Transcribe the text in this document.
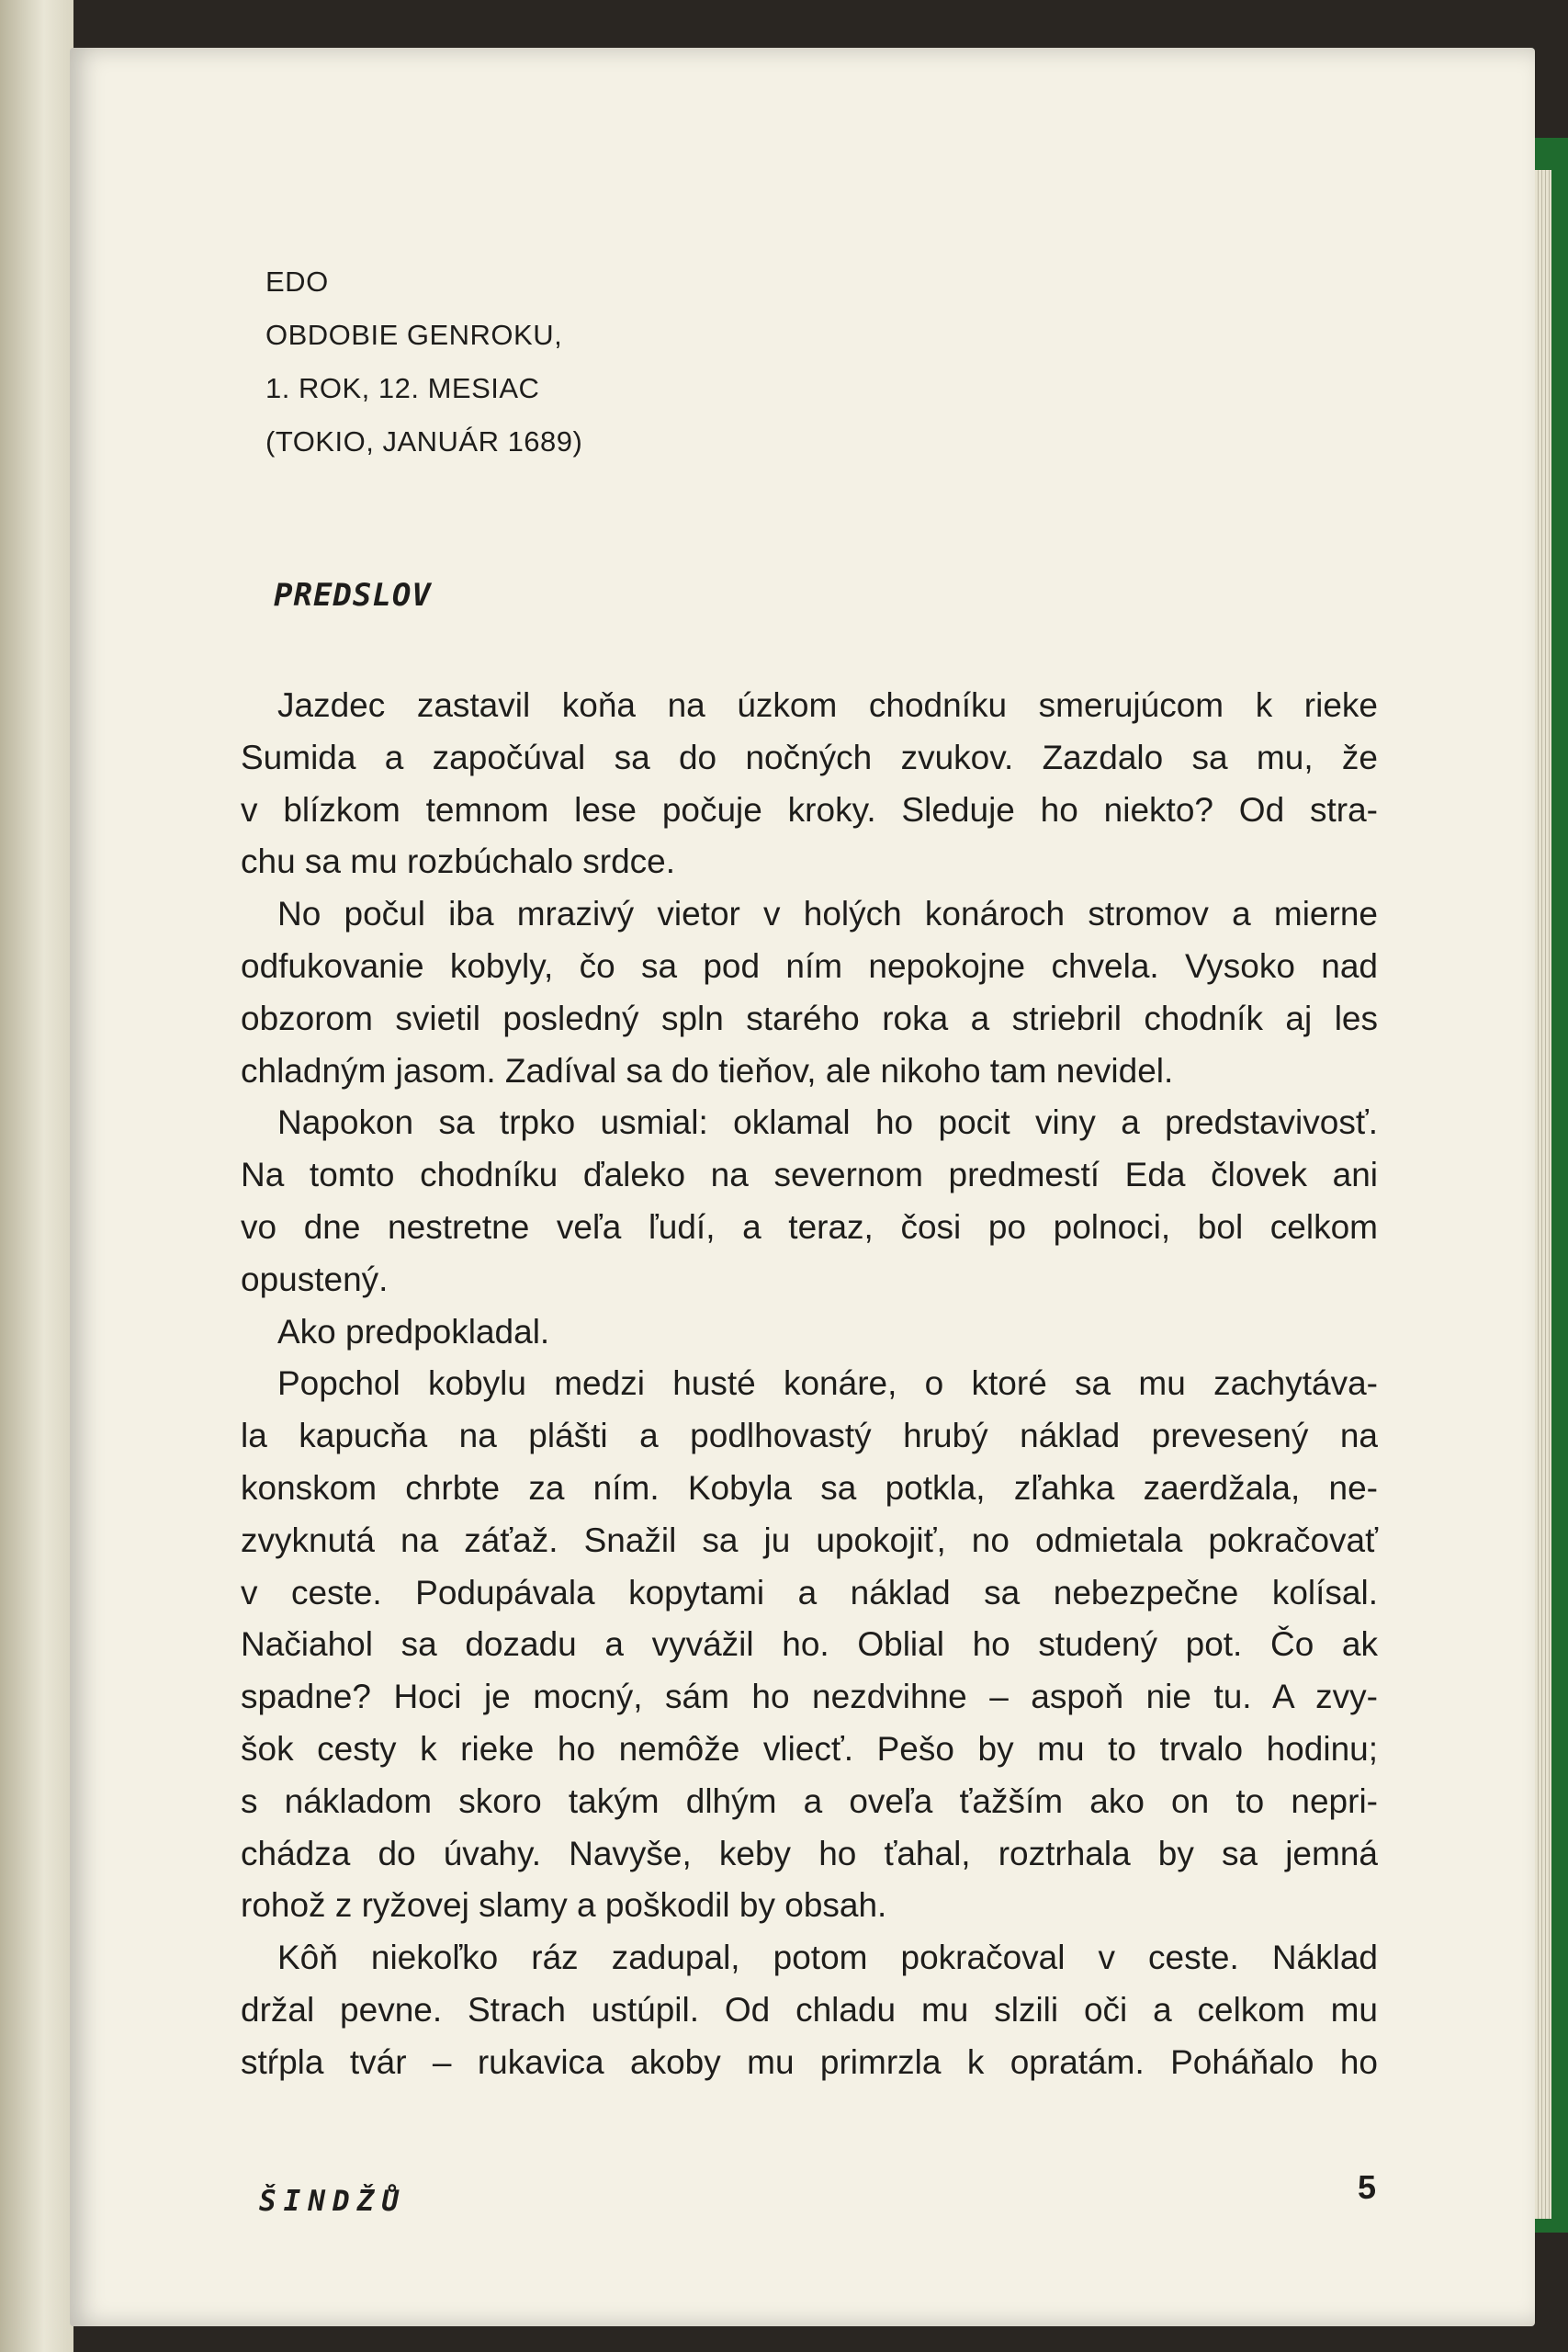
EDO
OBDOBIE GENROKU,
1. ROK, 12. MESIAC
(TOKIO, JANUÁR 1689)
PREDSLOV
Jazdec zastavil koňa na úzkom chodníku smerujúcom k rieke
Sumida a započúval sa do nočných zvukov. Zazdalo sa mu, že
v blízkom temnom lese počuje kroky. Sleduje ho niekto? Od stra-
chu sa mu rozbúchalo srdce.
No počul iba mrazivý vietor v holých konároch stromov a mierne
odfukovanie kobyly, čo sa pod ním nepokojne chvela. Vysoko nad
obzorom svietil posledný spln starého roka a striebril chodník aj les
chladným jasom. Zadíval sa do tieňov, ale nikoho tam nevidel.
Napokon sa trpko usmial: oklamal ho pocit viny a predstavivosť.
Na tomto chodníku ďaleko na severnom predmestí Eda človek ani
vo dne nestretne veľa ľudí, a teraz, čosi po polnoci, bol celkom
opustený.
Ako predpokladal.
Popchol kobylu medzi husté konáre, o ktoré sa mu zachytáva-
la kapucňa na plášti a podlhovastý hrubý náklad prevesený na
konskom chrbte za ním. Kobyla sa potkla, zľahka zaerdžala, ne-
zvyknutá na záťaž. Snažil sa ju upokojiť, no odmietala pokračovať
v ceste. Podupávala kopytami a náklad sa nebezpečne kolísal.
Načiahol sa dozadu a vyvážil ho. Oblial ho studený pot. Čo ak
spadne? Hoci je mocný, sám ho nezdvihne – aspoň nie tu. A zvy-
šok cesty k rieke ho nemôže vliecť. Pešo by mu to trvalo hodinu;
s nákladom skoro takým dlhým a oveľa ťažším ako on to nepri-
chádza do úvahy. Navyše, keby ho ťahal, roztrhala by sa jemná
rohož z ryžovej slamy a poškodil by obsah.
Kôň niekoľko ráz zadupal, potom pokračoval v ceste. Náklad
držal pevne. Strach ustúpil. Od chladu mu slzili oči a celkom mu
stŕpla tvár – rukavica akoby mu primrzla k opratám. Poháňalo ho
ŠINDŽŮ	5
